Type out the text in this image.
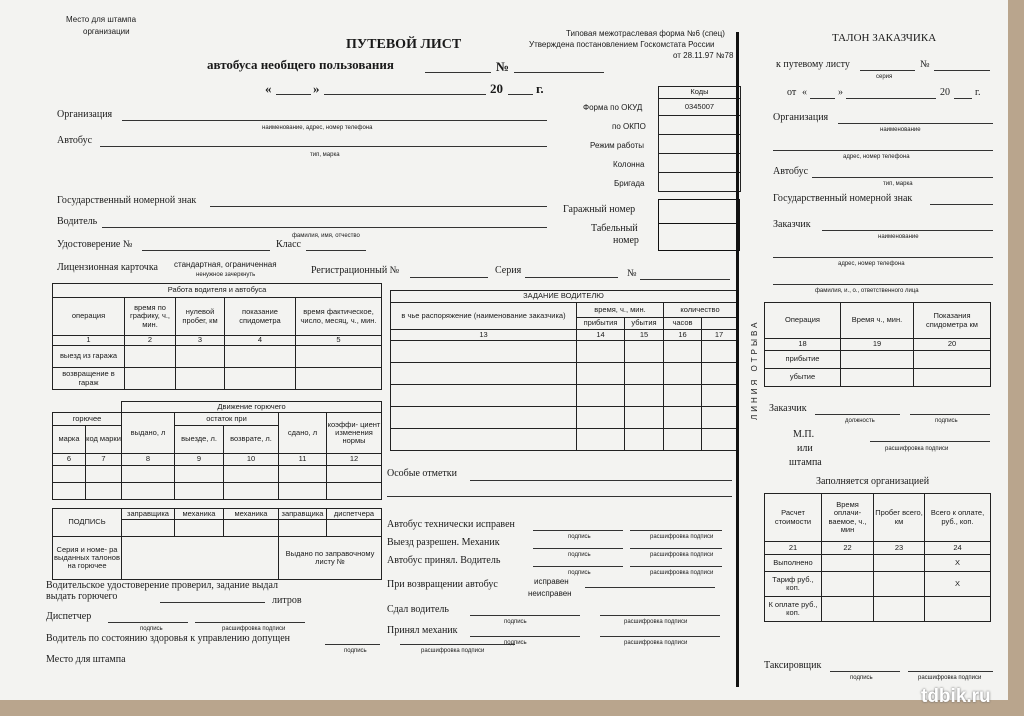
Место для штампа
организации
ПУТЕВОЙ ЛИСТ
автобуса необщего пользования	№
«	»	20	г.
Типовая межотраслевая форма №6 (спец)
Утверждена постановлением Госкомстата России
от 28.11.97 №78
Коды
0345007

Форма по ОКУД
по ОКПО
Режим работы
Колонна
Бригада
Гаражный номер
Табельный
номер
Организация
наименование, адрес, номер телефона
Автобус
тип, марка
Государственный номерной знак
Водитель
фамилия, имя, отчество
Удостоверение №	Класс
Лицензионная карточка стандартная, ограниченная
ненужное зачеркнуть	Регистрационный №	Серия	№
Работа водителя и автобуса				
операция	время по графику, ч., мин.	нулевой пробег, км	показание спидометра	время фактическое, число, месяц, ч., мин.
1	2	3	4	5
выезд из гаража				
возвращение в гараж				
		Движение горючего				
горючее		выдано, л	остаток при		сдано, л	коэффи- циент изменения нормы
марка	код марки		выезде, л.	возврате, л.		
6	7	8	9	10	11	12

ПОДПИСЬ	заправщика	механика	механика	заправщика	диспетчера

Серия и номе- ра выданных талонов на горючее				Выдано по заправочному листу №	
ЗАДАНИЕ ВОДИТЕЛЮ				
в чье распоряжение (наименование заказчика)	время, ч., мин.		количество	
	прибытия	убытия	часов	
13	14	15	16	17

Особые отметки
Автобус технически исправен
подпись	расшифровка подписи
Выезд разрешен. Механик
подпись	расшифровка подписи
Автобус принял. Водитель
подпись	расшифровка подписи
При возвращении автобус	исправен
неисправен
Сдал водитель
подпись	расшифровка подписи
Принял механик
подпись	расшифровка подписи
Водительское удостоверение проверил, задание выдал
выдать горючего	литров
Диспетчер
подпись	расшифровка подписи
Водитель по состоянию здоровья к управлению допущен
подпись	расшифровка подписи
Место для штампа
ЛИНИЯ ОТРЫВА
ТАЛОН ЗАКАЗЧИКА
к путевому листу
серия
№
от «	»	20	г.
Организация
наименование
адрес, номер телефона
Автобус
тип, марка
Государственный номерной знак
Заказчик
наименование
адрес, номер телефона
фамилия, и., о., ответственного лица
Операция	Время ч., мин.	Показания спидометра км
18	19	20
прибытие		
убытие		
Заказчик
должность	подпись
М.П.
или
штампа
расшифровка подписи
Заполняется организацией
Расчет стоимости	Время оплачи- ваемое, ч., мин	Пробег всего, км	Всего к оплате, руб., коп.
21	22	23	24
Выполнено			Х
Тариф руб., коп.			Х
К оплате руб., коп.			
Таксировщик
подпись	расшифровка подписи
tdbik.ru
